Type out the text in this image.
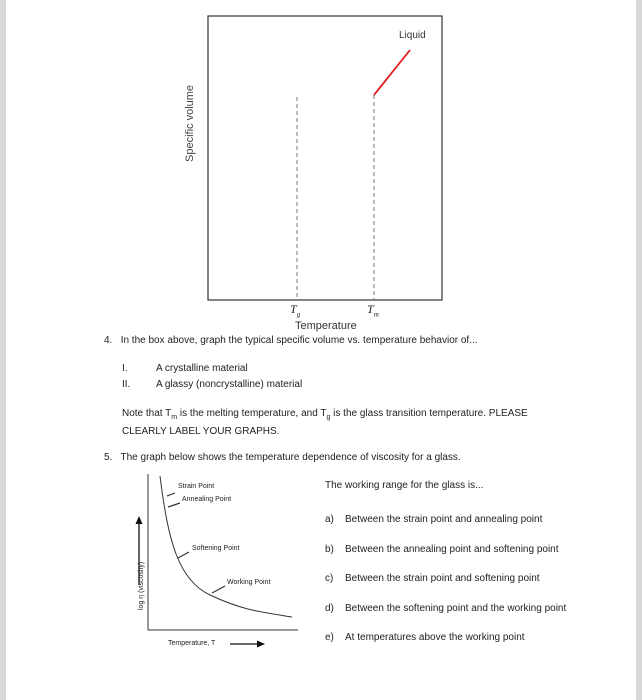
Specific volume
Liquid
$T_g$	$T_m$
Temperature
4. In the box above, graph the typical specific volume vs. temperature behavior of...
I.	A crystalline material
II.	A glassy (noncrystalline) material
Note that $T_m$ is the melting temperature, and $T_g$ is the glass transition temperature. PLEASE CLEARLY LABEL YOUR GRAPHS.
5. The graph below shows the temperature dependence of viscosity for a glass.
Strain Point
Annealing Point
Softening Point
Working Point
log η (viscosity)
Temperature, T
The working range for the glass is...
a) Between the strain point and annealing point
b) Between the annealing point and softening point
c) Between the strain point and softening point
d) Between the softening point and the working point
e) At temperatures above the working point
